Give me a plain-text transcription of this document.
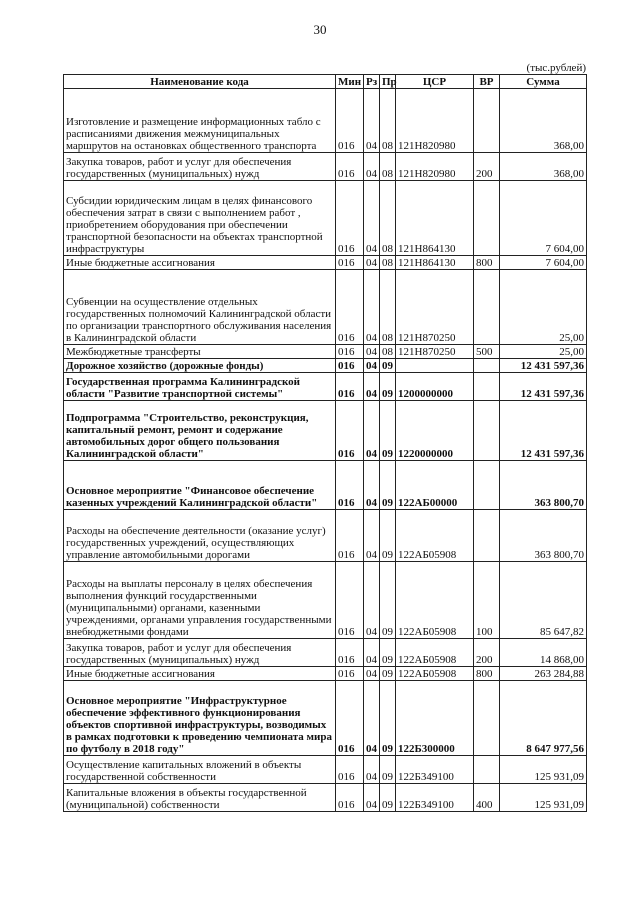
30
(тыс.рублей)
Наименование кода	Мин	Рз	Пр	ЦСР	ВР	Сумма
Изготовление и размещение информационных табло с расписаниями движения межмуниципальных маршрутов на остановках общественного транспорта	016	04	08	121Н820980		368,00
Закупка товаров, работ и услуг для обеспечения государственных (муниципальных) нужд	016	04	08	121Н820980	200	368,00
Субсидии юридическим лицам в целях финансового обеспечения затрат в связи с выполнением работ , приобретением оборудования при обеспечении транспортной безопасности на объектах транспортной инфраструктуры	016	04	08	121Н864130		7 604,00
Иные бюджетные ассигнования	016	04	08	121Н864130	800	7 604,00
Субвенции на осуществление отдельных государственных полномочий Калининградской области по организации транспортного обслуживания населения в Калининградской области	016	04	08	121Н870250		25,00
Межбюджетные трансферты	016	04	08	121Н870250	500	25,00
Дорожное хозяйство (дорожные фонды)	016	04	09			12 431 597,36
Государственная программа Калининградской области "Развитие транспортной системы"	016	04	09	1200000000		12 431 597,36
Подпрограмма "Строительство, реконструкция, капитальный ремонт, ремонт и содержание автомобильных дорог общего пользования Калининградской области"	016	04	09	1220000000		12 431 597,36
Основное мероприятие "Финансовое обеспечение казенных учреждений Калининградской области"	016	04	09	122АБ00000		363 800,70
Расходы на обеспечение деятельности (оказание услуг) государственных учреждений, осуществляющих управление автомобильными дорогами	016	04	09	122АБ05908		363 800,70
Расходы на выплаты персоналу в целях обеспечения выполнения функций государственными (муниципальными) органами, казенными учреждениями, органами управления государственными внебюджетными фондами	016	04	09	122АБ05908	100	85 647,82
Закупка товаров, работ и услуг для обеспечения государственных (муниципальных) нужд	016	04	09	122АБ05908	200	14 868,00
Иные бюджетные ассигнования	016	04	09	122АБ05908	800	263 284,88
Основное мероприятие "Инфраструктурное обеспечение эффективного функционирования объектов спортивной инфраструктуры, возводимых в рамках подготовки к проведению чемпионата мира по футболу в 2018 году"	016	04	09	122Б300000		8 647 977,56
Осуществление капитальных вложений в объекты государственной собственности	016	04	09	122Б349100		125 931,09
Капитальные вложения в объекты государственной (муниципальной) собственности	016	04	09	122Б349100	400	125 931,09
